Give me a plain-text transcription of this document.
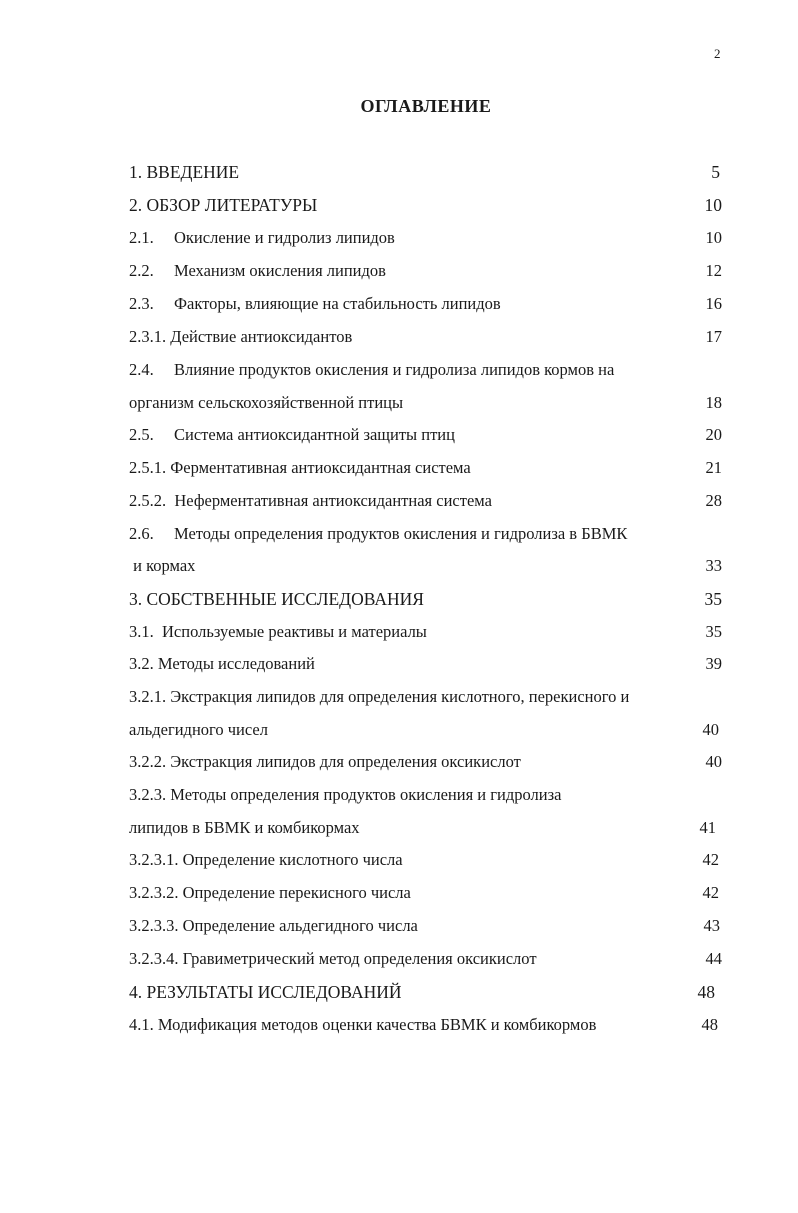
2
ОГЛАВЛЕНИЕ
1. ВВЕДЕНИЕ	5
2. ОБЗОР ЛИТЕРАТУРЫ	10
2.1. Окисление и гидролиз липидов	10
2.2. Механизм окисления липидов	12
2.3. Факторы, влияющие на стабильность липидов	16
2.3.1. Действие антиоксидантов	17
2.4. Влияние продуктов окисления и гидролиза липидов кормов на
организм сельскохозяйственной птицы	18
2.5. Система антиоксидантной защиты птиц	20
2.5.1. Ферментативная антиоксидантная система	21
2.5.2.  Неферментативная антиоксидантная система	28
2.6. Методы определения продуктов окисления и гидролиза в БВМК
и кормах	33
3. СОБСТВЕННЫЕ ИССЛЕДОВАНИЯ	35
3.1.  Используемые реактивы и материалы	35
3.2. Методы исследований	39
3.2.1. Экстракция липидов для определения кислотного, перекисного и
альдегидного чисел	40
3.2.2. Экстракция липидов для определения оксикислот	40
3.2.3. Методы определения продуктов окисления и гидролиза
липидов в БВМК и комбикормах	41
3.2.3.1. Определение кислотного числа	42
3.2.3.2. Определение перекисного числа	42
3.2.3.3. Определение альдегидного числа	43
3.2.3.4. Гравиметрический метод определения оксикислот	44
4. РЕЗУЛЬТАТЫ ИССЛЕДОВАНИЙ	48
4.1. Модификация методов оценки качества БВМК и комбикормов	48
